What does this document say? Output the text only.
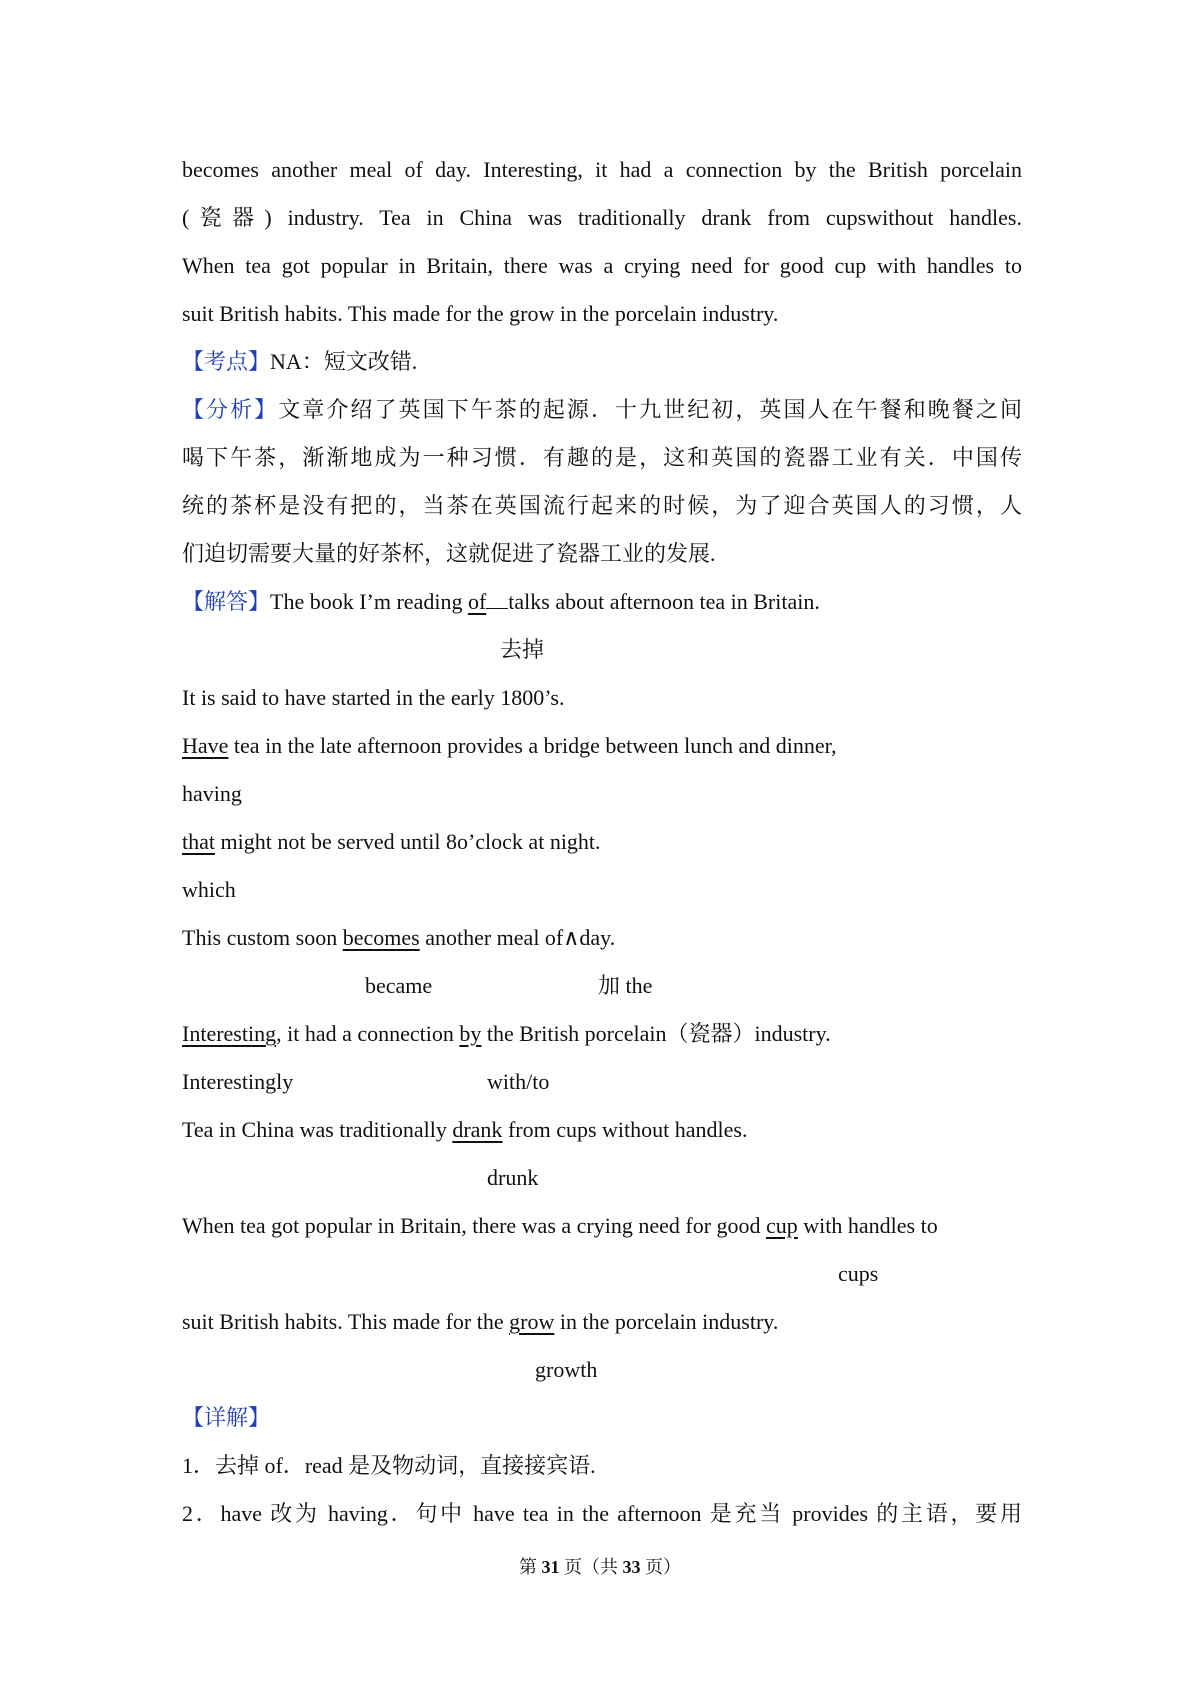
becomes another meal of day. Interesting, it had a connection by the British porcelain

(瓷器) industry. Tea in China was traditionally drank from cupswithout handles.

When tea got popular in Britain, there was a crying need for good cup with handles to

suit British habits. This made for the grow in the porcelain industry.

【考点】NA：短文改错.

【分析】文章介绍了英国下午茶的起源．十九世纪初，英国人在午餐和晚餐之间

喝下午茶，渐渐地成为一种习惯．有趣的是，这和英国的瓷器工业有关．中国传

统的茶杯是没有把的，当茶在英国流行起来的时候，为了迎合英国人的习惯，人

们迫切需要大量的好茶杯，这就促进了瓷器工业的发展.

【解答】The book I’m reading of talks about afternoon tea in Britain.

去掉

It is said to have started in the early 1800’s.

Have tea in the late afternoon provides a bridge between lunch and dinner,

having

that might not be served until 8o’clock at night.

which

This custom soon becomes another meal of∧day.

became	加 the

Interesting, it had a connection by the British porcelain（瓷器）industry.

Interestingly	with/to

Tea in China was traditionally drank from cups without handles.

drunk

When tea got popular in Britain, there was a crying need for good cup with handles to

cups

suit British habits. This made for the grow in the porcelain industry.

growth

【详解】

1．去掉 of．read 是及物动词，直接接宾语.

2．have 改为 having．句中 have tea in the afternoon 是充当 provides 的主语，要用

第 31 页（共 33 页）
